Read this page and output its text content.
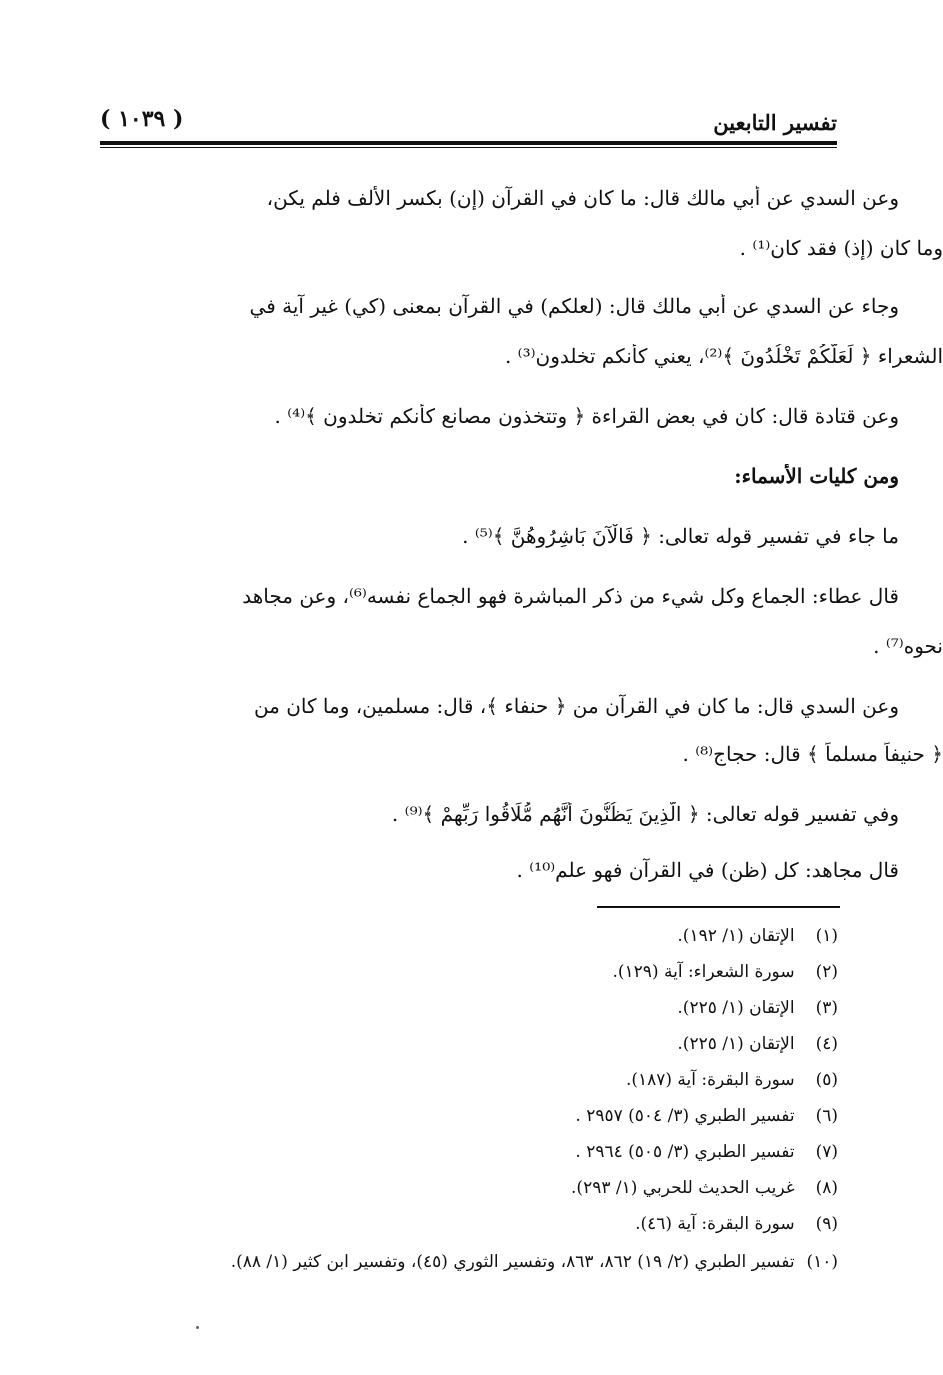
تفسير التابعين
( ١٠٣٩ )
وعن السدي عن أبي مالك قال: ما كان في القرآن (إن) بكسر الألف فلم يكن،
وما كان (إذ) فقد كان⁽¹⁾ .
وجاء عن السدي عن أبي مالك قال: (لعلكم) في القرآن بمعنى (كي) غير آية في
الشعراء ﴿ لَعَلَّكُمْ تَخْلُدُونَ ﴾⁽²⁾، يعني كأنكم تخلدون⁽³⁾ .
وعن قتادة قال: كان في بعض القراءة ﴿ وتتخذون مصانع كأنكم تخلدون ﴾⁽⁴⁾ .
ومن كليات الأسماء:
ما جاء في تفسير قوله تعالى: ﴿ فَالْآنَ بَاشِرُوهُنَّ ﴾⁽⁵⁾ .
قال عطاء: الجماع وكل شيء من ذكر المباشرة فهو الجماع نفسه⁽⁶⁾، وعن مجاهد
نحوه⁽⁷⁾ .
وعن السدي قال: ما كان في القرآن من ﴿ حنفاء ﴾، قال: مسلمين، وما كان من
﴿ حنيفاً مسلماً ﴾ قال: حجاج⁽⁸⁾ .
وفي تفسير قوله تعالى: ﴿ الَّذِينَ يَظُنُّونَ أَنَّهُم مُّلَاقُوا رَبِّهِمْ ﴾⁽⁹⁾ .
قال مجاهد: كل (ظن) في القرآن فهو علم⁽¹⁰⁾ .
(١) الإتقان (١/ ١٩٢).
(٢) سورة الشعراء: آية (١٢٩).
(٣) الإتقان (١/ ٢٢٥).
(٤) الإتقان (١/ ٢٢٥).
(٥) سورة البقرة: آية (١٨٧).
(٦) تفسير الطبري (٣/ ٥٠٤) ٢٩٥٧ .
(٧) تفسير الطبري (٣/ ٥٠٥) ٢٩٦٤ .
(٨) غريب الحديث للحربي (١/ ٢٩٣).
(٩) سورة البقرة: آية (٤٦).
(١٠) تفسير الطبري (٢/ ١٩) ٨٦٢، ٨٦٣، وتفسير الثوري (٤٥)، وتفسير ابن كثير (١/ ٨٨).
